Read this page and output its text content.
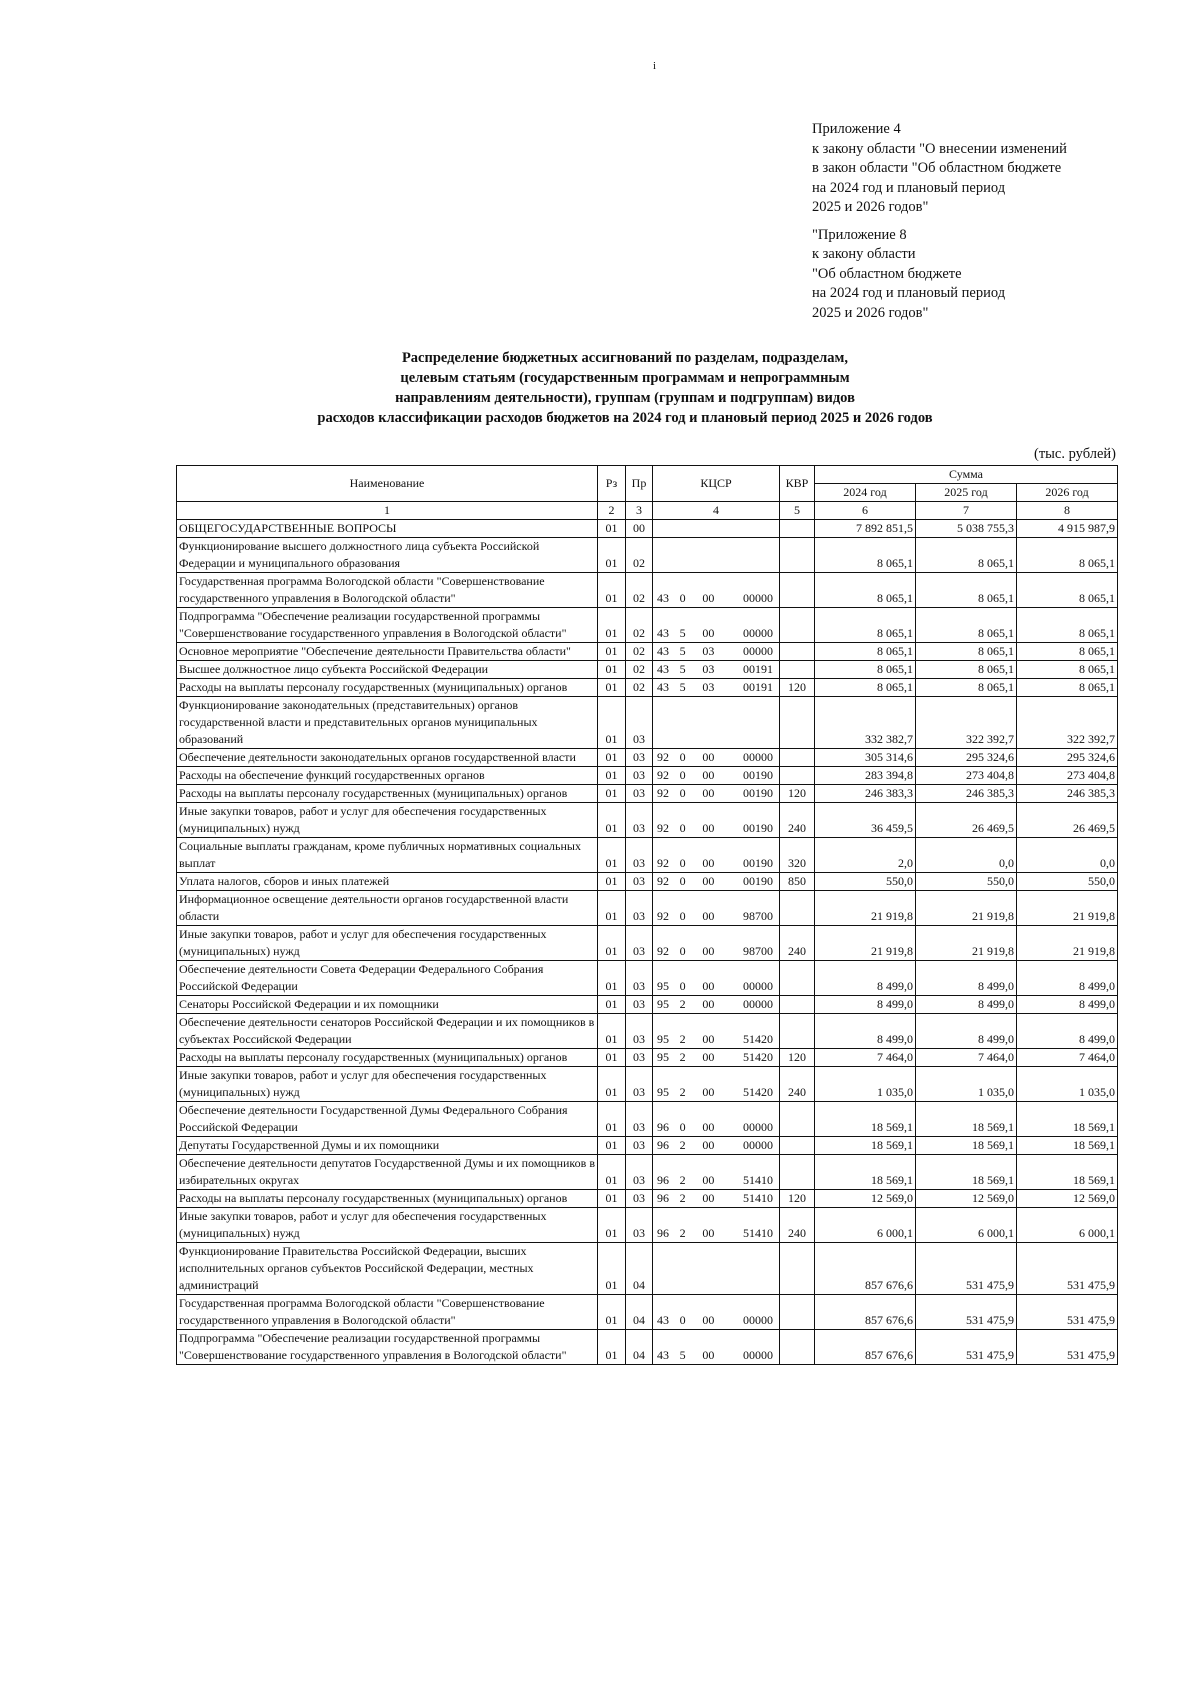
i
Приложение 4
к закону области "О внесении изменений
в закон области "Об областном бюджете
на 2024 год и плановый период
2025 и 2026 годов"
"Приложение 8
к закону области
"Об областном бюджете
на 2024 год и плановый период
2025 и 2026 годов"
Распределение бюджетных ассигнований по разделам, подразделам,
целевым статьям (государственным программам и непрограммным
направлениям деятельности), группам (группам и подгруппам) видов
расходов классификации расходов бюджетов на 2024 год и плановый период 2025 и 2026 годов
(тыс. рублей)
Наименование	Рз	Пр	КЦСР	КВР	Сумма		
					2024 год	2025 год	2026 год
1	2	3	4	5	6	7	8
ОБЩЕГОСУДАРСТВЕННЫЕ ВОПРОСЫ	01	00			7 892 851,5	5 038 755,3	4 915 987,9
Функционирование высшего должностного лица субъекта Российской Федерации и муниципального образования	01	02			8 065,1	8 065,1	8 065,1
Государственная программа Вологодской области "Совершенствование государственного управления в Вологодской области"	01	02	43 0 00 00000		8 065,1	8 065,1	8 065,1
Подпрограмма "Обеспечение реализации государственной программы "Совершенствование государственного управления в Вологодской области"	01	02	43 5 00 00000		8 065,1	8 065,1	8 065,1
Основное мероприятие "Обеспечение деятельности Правительства области"	01	02	43 5 03 00000		8 065,1	8 065,1	8 065,1
Высшее должностное лицо субъекта Российской Федерации	01	02	43 5 03 00191		8 065,1	8 065,1	8 065,1
Расходы на выплаты персоналу государственных (муниципальных) органов	01	02	43 5 03 00191	120	8 065,1	8 065,1	8 065,1
Функционирование законодательных (представительных) органов государственной власти и представительных органов муниципальных образований	01	03			332 382,7	322 392,7	322 392,7
Обеспечение деятельности законодательных органов государственной власти	01	03	92 0 00 00000		305 314,6	295 324,6	295 324,6
Расходы на обеспечение функций государственных органов	01	03	92 0 00 00190		283 394,8	273 404,8	273 404,8
Расходы на выплаты персоналу государственных (муниципальных) органов	01	03	92 0 00 00190	120	246 383,3	246 385,3	246 385,3
Иные закупки товаров, работ и услуг для обеспечения государственных (муниципальных) нужд	01	03	92 0 00 00190	240	36 459,5	26 469,5	26 469,5
Социальные выплаты гражданам, кроме публичных нормативных социальных выплат	01	03	92 0 00 00190	320	2,0	0,0	0,0
Уплата налогов, сборов и иных платежей	01	03	92 0 00 00190	850	550,0	550,0	550,0
Информационное освещение деятельности органов государственной власти области	01	03	92 0 00 98700		21 919,8	21 919,8	21 919,8
Иные закупки товаров, работ и услуг для обеспечения государственных (муниципальных) нужд	01	03	92 0 00 98700	240	21 919,8	21 919,8	21 919,8
Обеспечение деятельности Совета Федерации Федерального Собрания Российской Федерации	01	03	95 0 00 00000		8 499,0	8 499,0	8 499,0
Сенаторы Российской Федерации и их помощники	01	03	95 2 00 00000		8 499,0	8 499,0	8 499,0
Обеспечение деятельности сенаторов Российской Федерации и их помощников в субъектах Российской Федерации	01	03	95 2 00 51420		8 499,0	8 499,0	8 499,0
Расходы на выплаты персоналу государственных (муниципальных) органов	01	03	95 2 00 51420	120	7 464,0	7 464,0	7 464,0
Иные закупки товаров, работ и услуг для обеспечения государственных (муниципальных) нужд	01	03	95 2 00 51420	240	1 035,0	1 035,0	1 035,0
Обеспечение деятельности Государственной Думы Федерального Собрания Российской Федерации	01	03	96 0 00 00000		18 569,1	18 569,1	18 569,1
Депутаты Государственной Думы и их помощники	01	03	96 2 00 00000		18 569,1	18 569,1	18 569,1
Обеспечение деятельности депутатов Государственной Думы и их помощников в избирательных округах	01	03	96 2 00 51410		18 569,1	18 569,1	18 569,1
Расходы на выплаты персоналу государственных (муниципальных) органов	01	03	96 2 00 51410	120	12 569,0	12 569,0	12 569,0
Иные закупки товаров, работ и услуг для обеспечения государственных (муниципальных) нужд	01	03	96 2 00 51410	240	6 000,1	6 000,1	6 000,1
Функционирование Правительства Российской Федерации, высших исполнительных органов субъектов Российской Федерации, местных администраций	01	04			857 676,6	531 475,9	531 475,9
Государственная программа Вологодской области "Совершенствование государственного управления в Вологодской области"	01	04	43 0 00 00000		857 676,6	531 475,9	531 475,9
Подпрограмма "Обеспечение реализации государственной программы "Совершенствование государственного управления в Вологодской области"	01	04	43 5 00 00000		857 676,6	531 475,9	531 475,9
